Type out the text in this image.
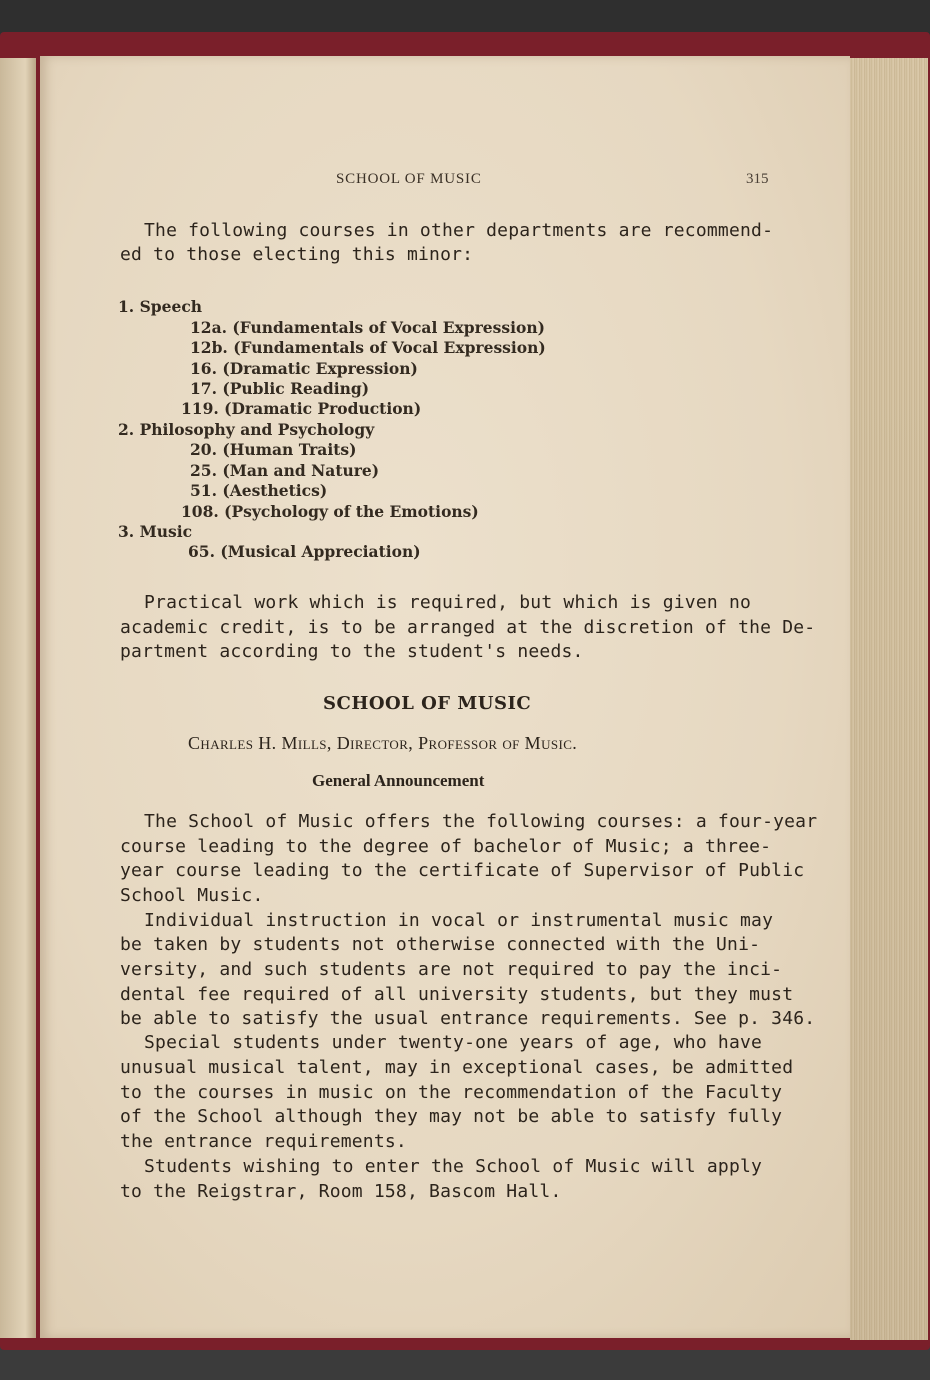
SCHOOL OF MUSIC	315
The following courses in other departments are recommend-
ed to those electing this minor:
1. Speech
12a. (Fundamentals of Vocal Expression)
12b. (Fundamentals of Vocal Expression)
16. (Dramatic Expression)
17. (Public Reading)
119. (Dramatic Production)
2. Philosophy and Psychology
20. (Human Traits)
25. (Man and Nature)
51. (Aesthetics)
108. (Psychology of the Emotions)
3. Music
65. (Musical Appreciation)
Practical work which is required, but which is given no
academic credit, is to be arranged at the discretion of the De-
partment according to the student's needs.
SCHOOL OF MUSIC
Charles H. Mills, Director, Professor of Music.
General Announcement
The School of Music offers the following courses: a four-year
course leading to the degree of bachelor of Music; a three-
year course leading to the certificate of Supervisor of Public
School Music.
Individual instruction in vocal or instrumental music may
be taken by students not otherwise connected with the Uni-
versity, and such students are not required to pay the inci-
dental fee required of all university students, but they must
be able to satisfy the usual entrance requirements. See p. 346.
Special students under twenty-one years of age, who have
unusual musical talent, may in exceptional cases, be admitted
to the courses in music on the recommendation of the Faculty
of the School although they may not be able to satisfy fully
the entrance requirements.
Students wishing to enter the School of Music will apply
to the Reigstrar, Room 158, Bascom Hall.
